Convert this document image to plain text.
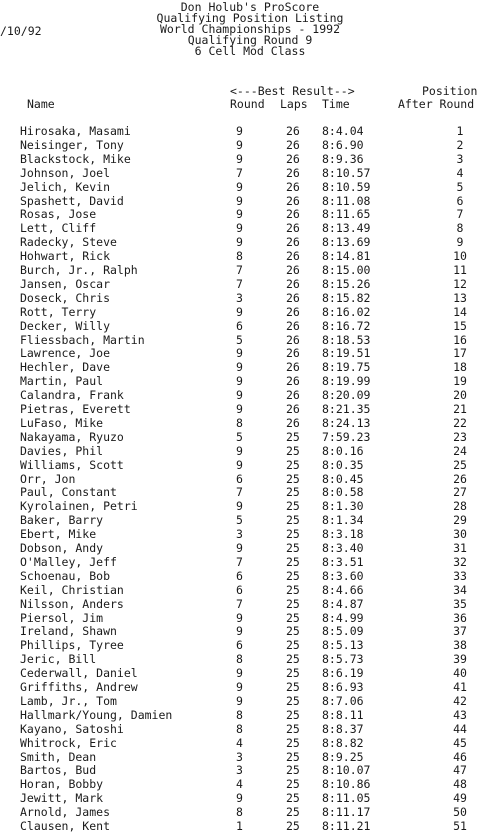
Don Holub's ProScore
Qualifying Position Listing
World Championships - 1992
Qualifying Round 9
6 Cell Mod Class
/10/92
<---Best Result-->	Position
Name	Round Laps Time	After Round
Hirosaka, Masami	9	26 8:4.04	1
Neisinger, Tony	9	26 8:6.90	2
Blackstock, Mike	9	26 8:9.36	3
Johnson, Joel	7	26 8:10.57	4
Jelich, Kevin	9	26 8:10.59	5
Spashett, David	9	26 8:11.08	6
Rosas, Jose	9	26 8:11.65	7
Lett, Cliff	9	26 8:13.49	8
Radecky, Steve	9	26 8:13.69	9
Hohwart, Rick	8	26 8:14.81	10
Burch, Jr., Ralph	7	26 8:15.00	11
Jansen, Oscar	7	26 8:15.26	12
Doseck, Chris	3	26 8:15.82	13
Rott, Terry	9	26 8:16.02	14
Decker, Willy	6	26 8:16.72	15
Fliessbach, Martin	5	26 8:18.53	16
Lawrence, Joe	9	26 8:19.51	17
Hechler, Dave	9	26 8:19.75	18
Martin, Paul	9	26 8:19.99	19
Calandra, Frank	9	26 8:20.09	20
Pietras, Everett	9	26 8:21.35	21
LuFaso, Mike	8	26 8:24.13	22
Nakayama, Ryuzo	5	25 7:59.23	23
Davies, Phil	9	25 8:0.16	24
Williams, Scott	9	25 8:0.35	25
Orr, Jon	6	25 8:0.45	26
Paul, Constant	7	25 8:0.58	27
Kyrolainen, Petri	9	25 8:1.30	28
Baker, Barry	5	25 8:1.34	29
Ebert, Mike	3	25 8:3.18	30
Dobson, Andy	9	25 8:3.40	31
O'Malley, Jeff	7	25 8:3.51	32
Schoenau, Bob	6	25 8:3.60	33
Keil, Christian	6	25 8:4.66	34
Nilsson, Anders	7	25 8:4.87	35
Piersol, Jim	9	25 8:4.99	36
Ireland, Shawn	9	25 8:5.09	37
Phillips, Tyree	6	25 8:5.13	38
Jeric, Bill	8	25 8:5.73	39
Cederwall, Daniel	9	25 8:6.19	40
Griffiths, Andrew	9	25 8:6.93	41
Lamb, Jr., Tom	9	25 8:7.06	42
Hallmark/Young, Damien	8	25 8:8.11	43
Kayano, Satoshi	8	25 8:8.37	44
Whitrock, Eric	4	25 8:8.82	45
Smith, Dean	3	25 8:9.25	46
Bartos, Bud	3	25 8:10.07	47
Horan, Bobby	4	25 8:10.86	48
Jewitt, Mark	9	25 8:11.05	49
Arnold, James	8	25 8:11.17	50
Clausen, Kent	1	25 8:11.21	51
